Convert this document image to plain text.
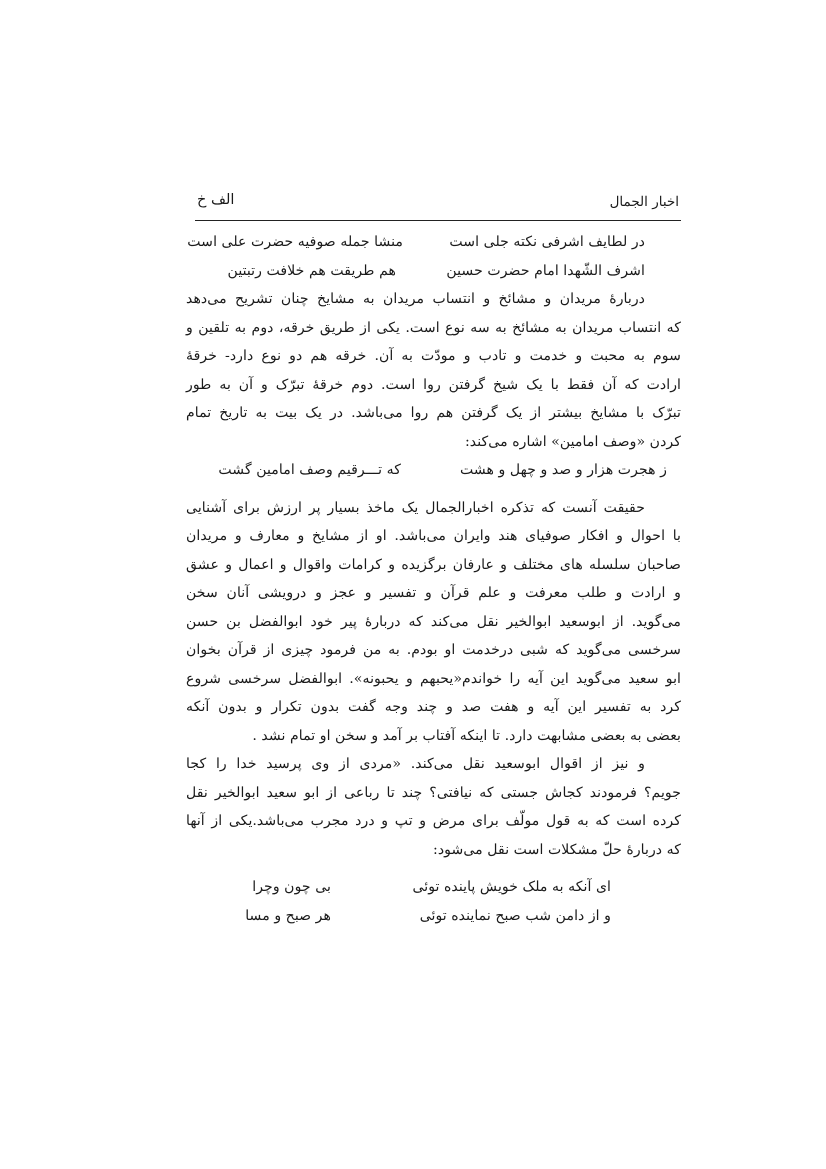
اخبار الجمال
الف خ
در لطایف اشرفی نکته جلی است
منشا جمله صوفیه حضرت علی است
اشرف الشّهدا امام حضرت حسین
هم طریقت هم خلافت رتبتین
دربارهٔ مریدان و مشائخ و انتساب مریدان به مشایخ چنان تشریح می‌دهد
که انتساب مریدان به مشائخ به سه نوع است. یکی از طریق خرقه، دوم به تلقین و
سوم به محبت و خدمت و تادب و مودّت به آن. خرقه هم دو نوع دارد- خرقهٔ
ارادت که آن فقط با یک شیخ گرفتن روا است. دوم خرقهٔ تبرّک و آن به طور
تبرّک با مشایخ بیشتر از یک گرفتن هم روا می‌باشد. در یک بیت به تاریخ تمام
کردن «وصف امامین» اشاره می‌کند:
ز هجرت هزار و صد و چهل و هشت
که تـــرقیم وصف امامین گشت
حقیقت آنست که تذکره اخبارالجمال یک ماخذ بسیار پر ارزش برای آشنایی
با احوال و افکار صوفیای هند وایران می‌باشد. او از مشایخ و معارف و مریدان
صاحبان سلسله های مختلف و عارفان برگزیده و کرامات واقوال و اعمال و عشق
و ارادت و طلب معرفت و علم قرآن و تفسیر و عجز و درویشی آنان سخن
می‌گوید. از ابوسعید ابوالخیر نقل می‌کند که دربارهٔ پیر خود ابوالفضل بن حسن
سرخسی می‌گوید که شبی درخدمت او بودم. به من فرمود چیزی از قرآن بخوان
ابو سعید می‌گوید این آیه را خواندم«یحبهم و یحبونه». ابوالفضل سرخسی شروع
کرد به تفسیر این آیه و هفت صد و چند وجه گفت بدون تکرار و بدون آنکه
بعضی به بعضی مشابهت دارد. تا اینکه آفتاب بر آمد و سخن او تمام نشد .
و نیز از اقوال ابوسعید نقل می‌کند. «مردی از وی پرسید خدا را کجا
جویم؟ فرمودند کجاش جستی که نیافتی؟ چند تا رباعی از ابو سعید ابوالخیر نقل
کرده است که به قول مولّف برای مرض و تپ و درد مجرب می‌باشد.یکی از آنها
که دربارهٔ حلّ مشکلات است نقل می‌شود:
ای آنکه به ملک خویش پاینده توئی
بی چون وچرا
و از دامن شب صبح نماینده توئی
هر صبح و مسا
